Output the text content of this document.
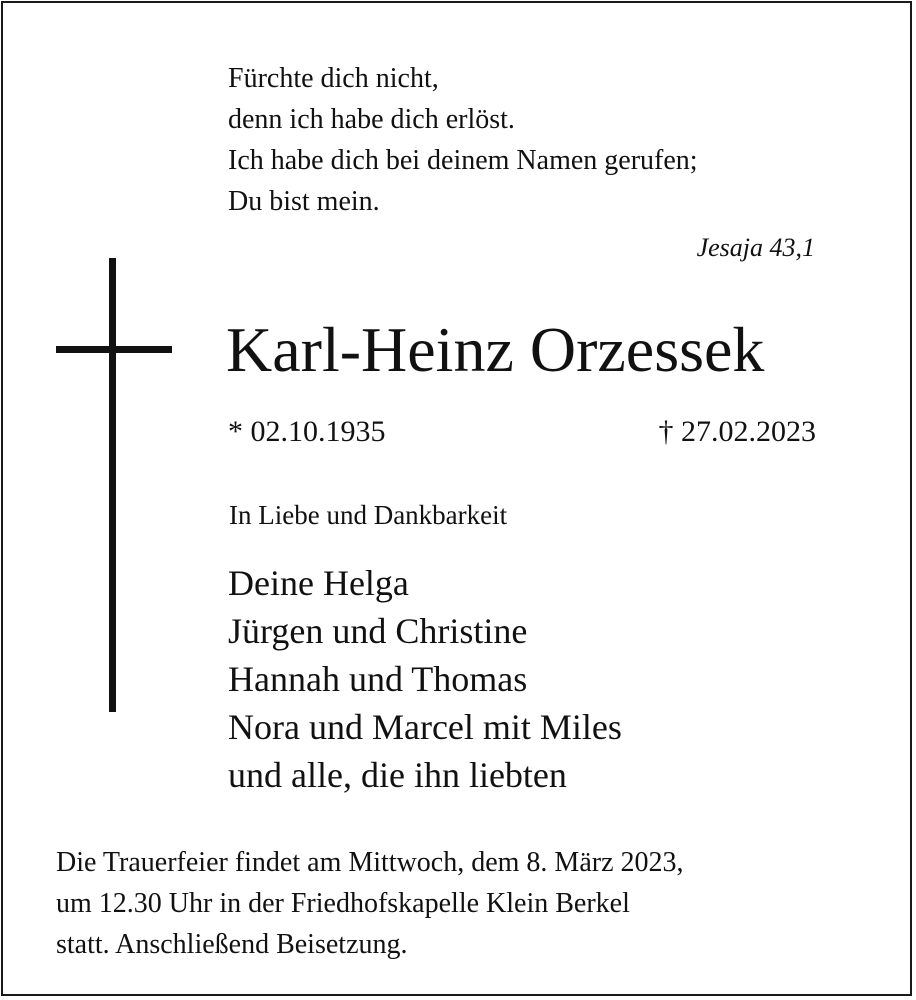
Fürchte dich nicht,
denn ich habe dich erlöst.
Ich habe dich bei deinem Namen gerufen;
Du bist mein.
Jesaja 43,1
Karl-Heinz Orzessek
* 02.10.1935	† 27.02.2023
In Liebe und Dankbarkeit
Deine Helga
Jürgen und Christine
Hannah und Thomas
Nora und Marcel mit Miles
und alle, die ihn liebten
Die Trauerfeier findet am Mittwoch, dem 8. März 2023,
um 12.30 Uhr in der Friedhofskapelle Klein Berkel
statt. Anschließend Beisetzung.
